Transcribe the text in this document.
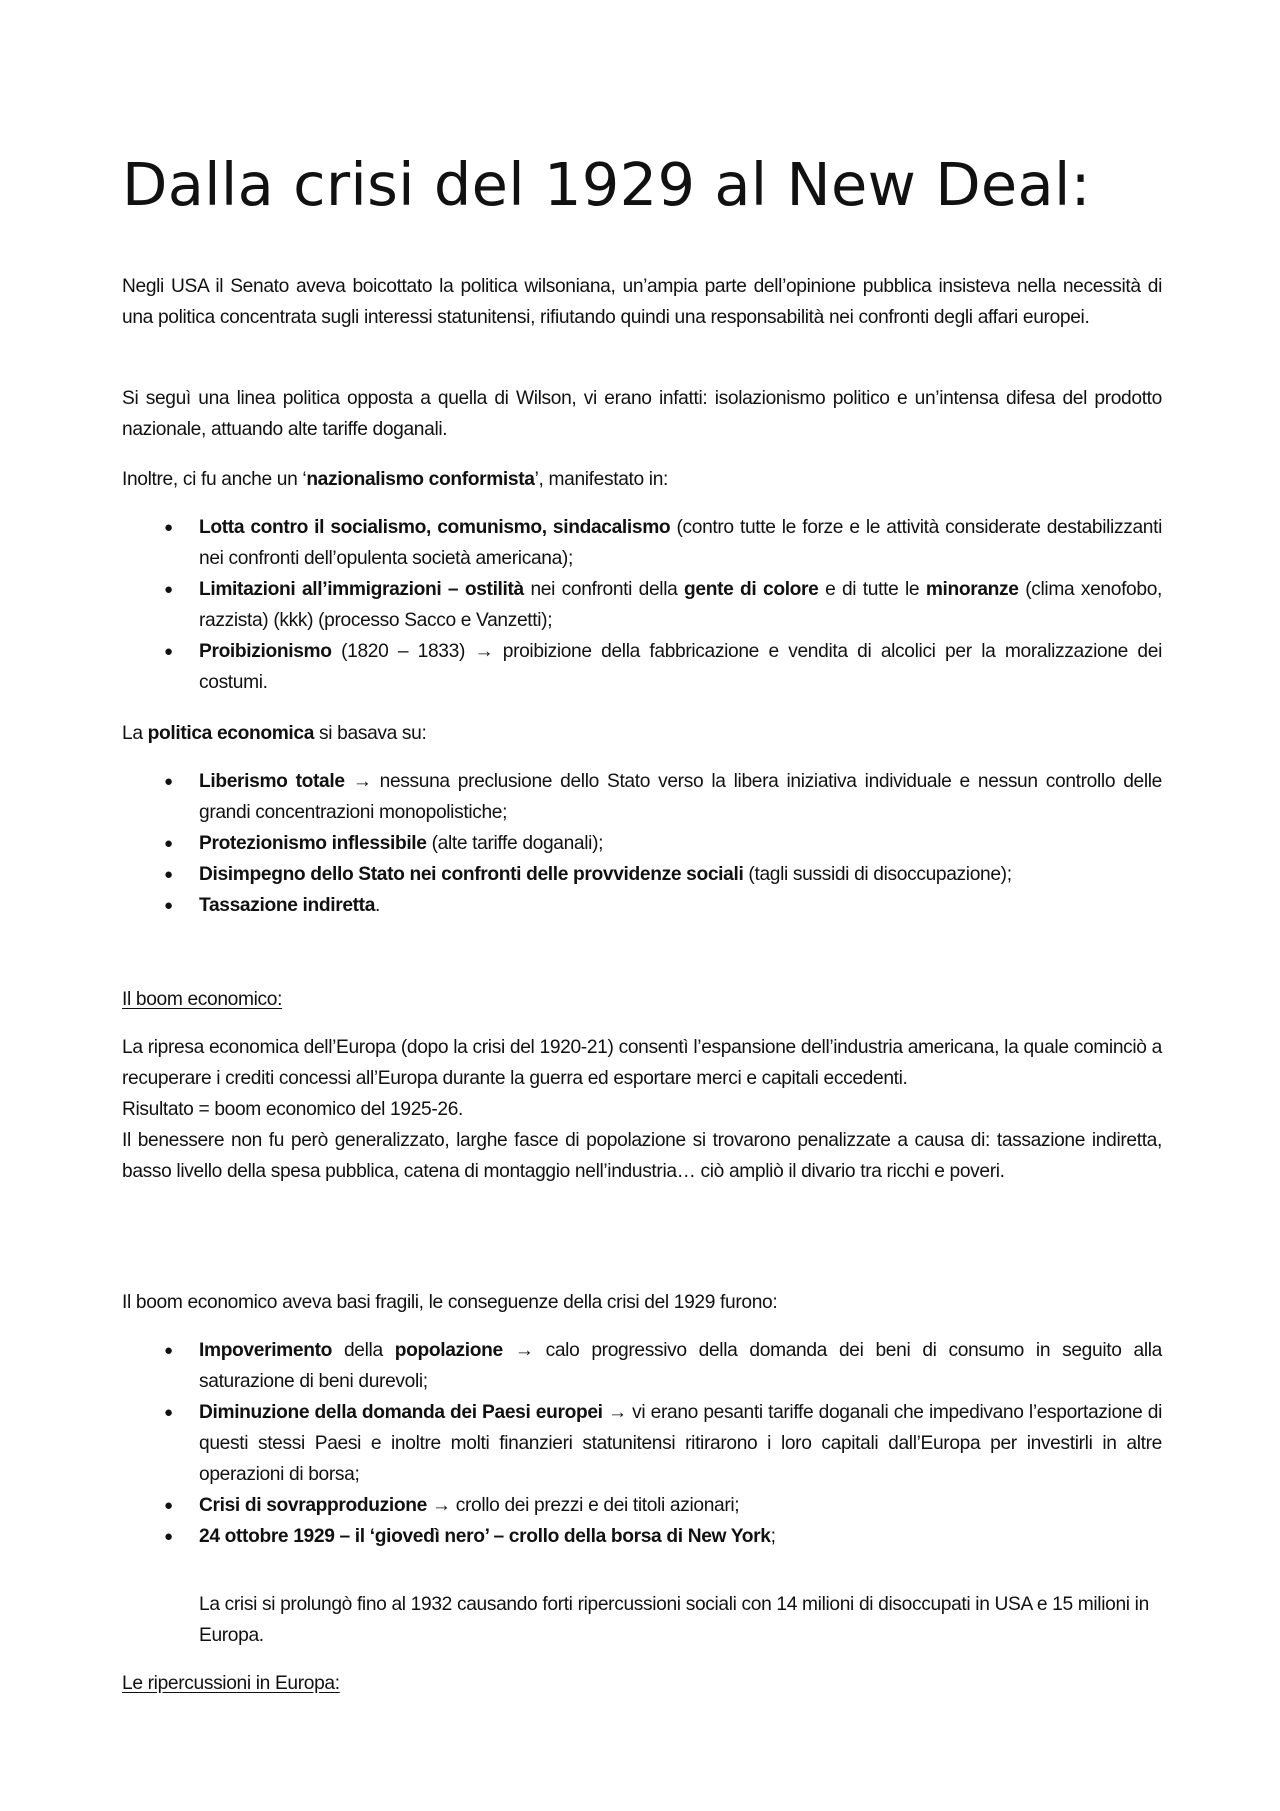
Dalla crisi del 1929 al New Deal:

Negli USA il Senato aveva boicottato la politica wilsoniana, un’ampia parte dell’opinione pubblica insisteva nella necessità di una politica concentrata sugli interessi statunitensi, rifiutando quindi una responsabilità nei confronti degli affari europei.

Si seguì una linea politica opposta a quella di Wilson, vi erano infatti: isolazionismo politico e un’intensa difesa del prodotto nazionale, attuando alte tariffe doganali.

Inoltre, ci fu anche un ‘nazionalismo conformista’, manifestato in:

● Lotta contro il socialismo, comunismo, sindacalismo (contro tutte le forze e le attività considerate destabilizzanti nei confronti dell’opulenta società americana);
● Limitazioni all’immigrazioni – ostilità nei confronti della gente di colore e di tutte le minoranze (clima xenofobo, razzista) (kkk) (processo Sacco e Vanzetti);
● Proibizionismo (1820 – 1833) → proibizione della fabbricazione e vendita di alcolici per la moralizzazione dei costumi.

La politica economica si basava su:

● Liberismo totale → nessuna preclusione dello Stato verso la libera iniziativa individuale e nessun controllo delle grandi concentrazioni monopolistiche;
● Protezionismo inflessibile (alte tariffe doganali);
● Disimpegno dello Stato nei confronti delle provvidenze sociali (tagli sussidi di disoccupazione);
● Tassazione indiretta.

Il boom economico:

La ripresa economica dell’Europa (dopo la crisi del 1920-21) consentì l’espansione dell’industria americana, la quale cominciò a recuperare i crediti concessi all’Europa durante la guerra ed esportare merci e capitali eccedenti.
Risultato = boom economico del 1925-26.
Il benessere non fu però generalizzato, larghe fasce di popolazione si trovarono penalizzate a causa di: tassazione indiretta, basso livello della spesa pubblica, catena di montaggio nell’industria… ciò ampliò il divario tra ricchi e poveri.

Il boom economico aveva basi fragili, le conseguenze della crisi del 1929 furono:

● Impoverimento della popolazione → calo progressivo della domanda dei beni di consumo in seguito alla saturazione di beni durevoli;
● Diminuzione della domanda dei Paesi europei → vi erano pesanti tariffe doganali che impedivano l’esportazione di questi stessi Paesi e inoltre molti finanzieri statunitensi ritirarono i loro capitali dall’Europa per investirli in altre operazioni di borsa;
● Crisi di sovrapproduzione → crollo dei prezzi e dei titoli azionari;
● 24 ottobre 1929 – il ‘giovedì nero’ – crollo della borsa di New York;

La crisi si prolungò fino al 1932 causando forti ripercussioni sociali con 14 milioni di disoccupati in USA e 15 milioni in Europa.

Le ripercussioni in Europa:
